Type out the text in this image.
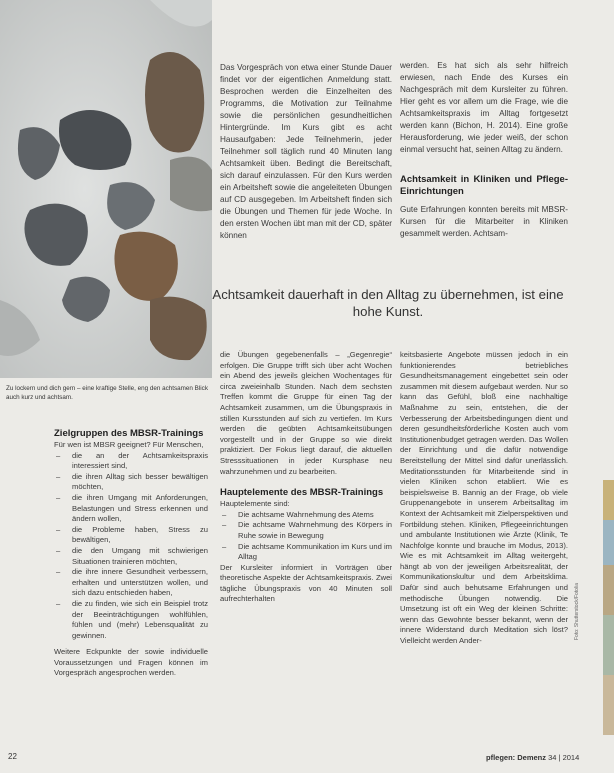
Zu lockern und dich gern – eine kraftige Stelle, eng den achtsamen Blick auch kurz und achtsam.

Das Vorgespräch von etwa einer Stunde Dauer findet vor der eigentlichen Anmeldung statt. Besprochen werden die Einzelheiten des Programms, die Motivation zur Teilnahme sowie die persönlichen gesundheitlichen Hintergründe. Im Kurs gibt es acht Hausaufgaben: Jede Teilnehmerin, jeder Teilnehmer soll täglich rund 40 Minuten lang Achtsamkeit üben. Bedingt die Bereitschaft, sich darauf einzulassen. Für den Kurs werden ein Arbeitsheft sowie die angeleiteten Übungen auf CD ausgegeben. Im Arbeitsheft finden sich die Übungen und Themen für jede Woche. In den ersten Wochen übt man mit der CD, später können

werden. Es hat sich als sehr hilfreich erwiesen, nach Ende des Kurses ein Nachgespräch mit dem Kursleiter zu führen. Hier geht es vor allem um die Frage, wie die Achtsamkeitspraxis im Alltag fortgesetzt werden kann (Bichon, H. 2014). Eine große Herausforderung, wie jeder weiß, der schon einmal versucht hat, seinen Alltag zu ändern.

Achtsamkeit in Kliniken und Pflege-Einrichtungen

Gute Erfahrungen konnten bereits mit MBSR-Kursen für die Mitarbeiter in Kliniken gesammelt werden. Achtsam-

Achtsamkeit dauerhaft in den Alltag zu übernehmen, ist eine hohe Kunst.
Zielgruppen des MBSR-Trainings

Für wen ist MBSR geeignet? Für Menschen,

– die an der Achtsamkeitspraxis interessiert sind,
– die ihren Alltag sich besser bewältigen möchten,
– die ihren Umgang mit Anforderungen, Belastungen und Stress erkennen und ändern wollen,
– die Probleme haben, Stress zu bewältigen,
– die den Umgang mit schwierigen Situationen trainieren möchten,
– die ihre innere Gesundheit verbessern, erhalten und unterstützen wollen, und sich dazu entschieden haben,
– die zu finden, wie sich ein Beispiel trotz der Beeinträchtigungen wohlfühlen, fühlen und (mehr) Lebensqualität zu gewinnen.

Weitere Eckpunkte der sowie individuelle Voraussetzungen und Fragen können im Vorgespräch angesprochen werden.

die Übungen gegebenenfalls – „Gegenregie“ erfolgen. Die Gruppe trifft sich über acht Wochen ein Abend des jeweils gleichen Wochentages für circa zweieinhalb Stunden. Nach dem sechsten Treffen kommt die Gruppe für einen Tag der Achtsamkeit zusammen, um die Übungspraxis in stillen Kursstunden auf sich zu vertiefen. Im Kurs werden die geübten Achtsamkeitsübungen vorgestellt und in der Gruppe so wie direkt praktiziert. Der Fokus liegt darauf, die aktuellen Stresssituationen in jeder Kursphase neu wahrzunehmen und zu bearbeiten.

Hauptelemente des MBSR-Trainings

Hauptelemente sind:

– Die achtsame Wahrnehmung des Atems
– Die achtsame Wahrnehmung des Körpers in Ruhe sowie in Bewegung
– Die achtsame Kommunikation im Kurs und im Alltag

Der Kursleiter informiert in Vorträgen über theoretische Aspekte der Achtsamkeitspraxis. Zwei tägliche Übungspraxis von 40 Minuten soll aufrechterhalten

keitsbasierte Angebote müssen jedoch in ein funktionierendes betriebliches Gesundheitsmanagement eingebettet sein oder zusammen mit diesem aufgebaut werden. Nur so kann das Gefühl, bloß eine nachhaltige Maßnahme zu sein, entstehen, die der Verbesserung der Arbeitsbedingungen dient und deren gesundheitsförderliche Kosten auch vom Institutionenbudget getragen werden. Das Wollen der Einrichtung und die dafür notwendige Bereitstellung der Mittel sind dafür unerlässlich. Meditationsstunden für Mitarbeitende sind in vielen Kliniken schon etabliert. Wie es beispielsweise B. Bannig an der Frage, ob viele Gruppenangebote in unserem Arbeitsalltag im Kontext der Achtsamkeit mit Zielperspektiven und Fortbildung stehen. Kliniken, Pflegeeinrichtungen und ambulante Institutionen wie Ärzte (Klinik, Te Nachfolge konnte und brauche im Modus, 2013). Wie es mit Achtsamkeit im Alltag weitergeht, hängt ab von der jeweiligen Arbeitsrealität, der Kommunikationskultur und dem Arbeitsklima. Dafür sind auch behutsame Erfahrungen und methodische Übungen notwendig. Die Umsetzung ist oft ein Weg der kleinen Schritte: wenn das Gewohnte besser bekannt, wenn der innere Widerstand durch Meditation sich löst? Vielleicht werden Ander-

Foto: Shutterstock/Fotolia
22	pflegen: Demenz 34 | 2014
